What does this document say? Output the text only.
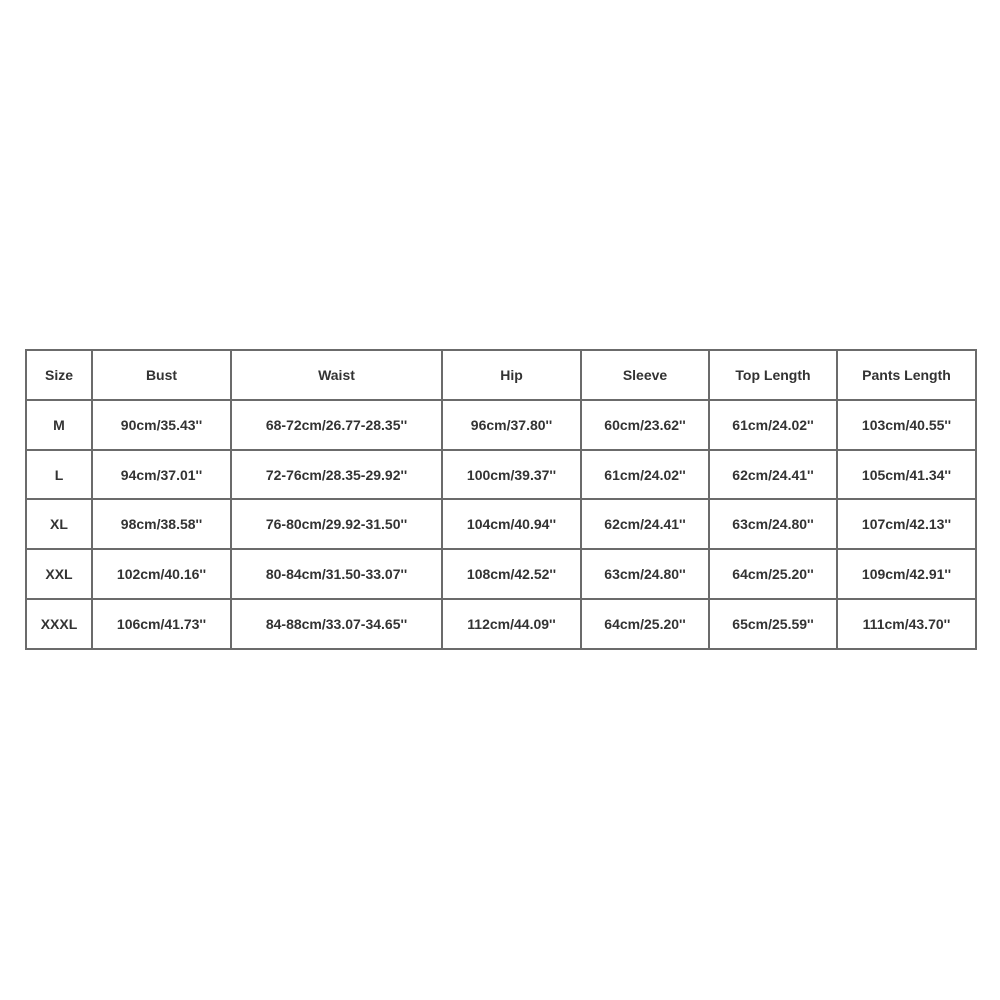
Size	Bust	Waist	Hip	Sleeve	Top Length	Pants Length
M	90cm/35.43''	68-72cm/26.77-28.35''	96cm/37.80''	60cm/23.62''	61cm/24.02''	103cm/40.55''
L	94cm/37.01''	72-76cm/28.35-29.92''	100cm/39.37''	61cm/24.02''	62cm/24.41''	105cm/41.34''
XL	98cm/38.58''	76-80cm/29.92-31.50''	104cm/40.94''	62cm/24.41''	63cm/24.80''	107cm/42.13''
XXL	102cm/40.16''	80-84cm/31.50-33.07''	108cm/42.52''	63cm/24.80''	64cm/25.20''	109cm/42.91''
XXXL	106cm/41.73''	84-88cm/33.07-34.65''	112cm/44.09''	64cm/25.20''	65cm/25.59''	111cm/43.70''
